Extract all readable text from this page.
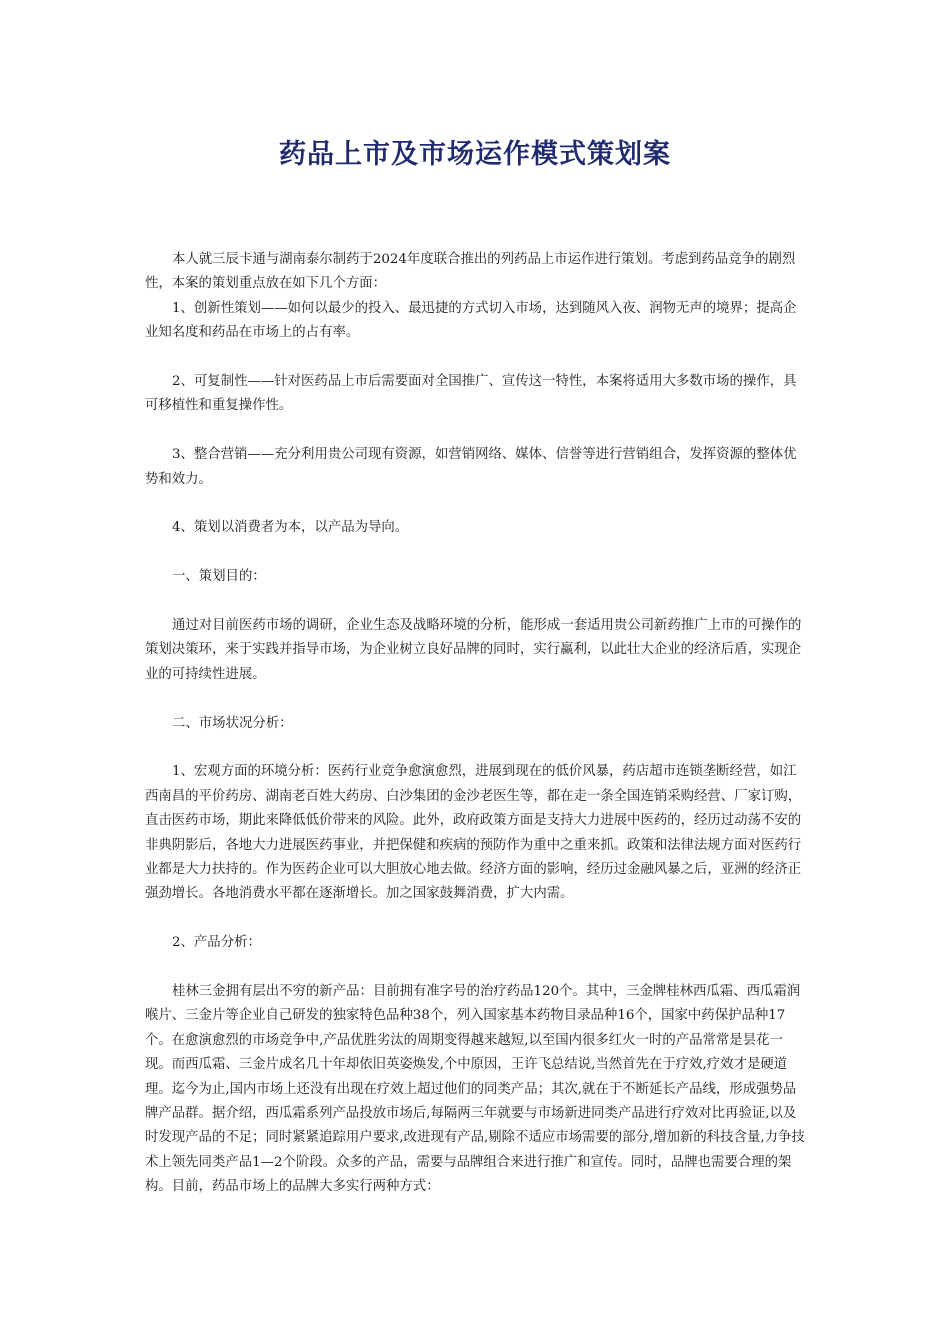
药品上市及市场运作模式策划案

本人就三辰卡通与湖南泰尔制药于2024年度联合推出的列药品上市运作进行策划。考虑到药品竞争的剧烈性，本案的策划重点放在如下几个方面：

1、创新性策划——如何以最少的投入、最迅捷的方式切入市场，达到随风入夜、润物无声的境界；提高企业知名度和药品在市场上的占有率。

2、可复制性——针对医药品上市后需要面对全国推广、宣传这一特性，本案将适用大多数市场的操作，具可移植性和重复操作性。

3、整合营销——充分利用贵公司现有资源，如营销网络、媒体、信誉等进行营销组合，发挥资源的整体优势和效力。

4、策划以消费者为本，以产品为导向。

一、策划目的：

通过对目前医药市场的调研，企业生态及战略环境的分析，能形成一套适用贵公司新药推广上市的可操作的策划决策环，来于实践并指导市场，为企业树立良好品牌的同时，实行赢利，以此壮大企业的经济后盾，实现企业的可持续性进展。

二、市场状况分析：

1、宏观方面的环境分析：医药行业竞争愈演愈烈，进展到现在的低价风暴，药店超市连锁垄断经营，如江西南昌的平价药房、湖南老百姓大药房、白沙集团的金沙老医生等，都在走一条全国连销采购经营、厂家订购，直击医药市场，期此来降低低价带来的风险。此外，政府政策方面是支持大力进展中医药的，经历过动荡不安的非典阴影后，各地大力进展医药事业，并把保健和疾病的预防作为重中之重来抓。政策和法律法规方面对医药行业都是大力扶持的。作为医药企业可以大胆放心地去做。经济方面的影响，经历过金融风暴之后，亚洲的经济正强劲增长。各地消费水平都在逐渐增长。加之国家鼓舞消费，扩大内需。

2、产品分析：

桂林三金拥有层出不穷的新产品：目前拥有准字号的治疗药品120个。其中，三金牌桂林西瓜霜、西瓜霜润喉片、三金片等企业自己研发的独家特色品种38个，列入国家基本药物目录品种16个，国家中药保护品种17个。在愈演愈烈的市场竞争中,产品优胜劣汰的周期变得越来越短,以至国内很多红火一时的产品常常是昙花一现。而西瓜霜、三金片成名几十年却依旧英姿焕发,个中原因，王许飞总结说,当然首先在于疗效,疗效才是硬道理。迄今为止,国内市场上还没有出现在疗效上超过他们的同类产品；其次,就在于不断延长产品线，形成强势品牌产品群。据介绍，西瓜霜系列产品投放市场后,每隔两三年就要与市场新进同类产品进行疗效对比再验证,以及时发现产品的不足；同时紧紧追踪用户要求,改进现有产品,剔除不适应市场需要的部分,增加新的科技含量,力争技术上领先同类产品1—2个阶段。众多的产品，需要与品牌组合来进行推广和宣传。同时，品牌也需要合理的架构。目前，药品市场上的品牌大多实行两种方式：
